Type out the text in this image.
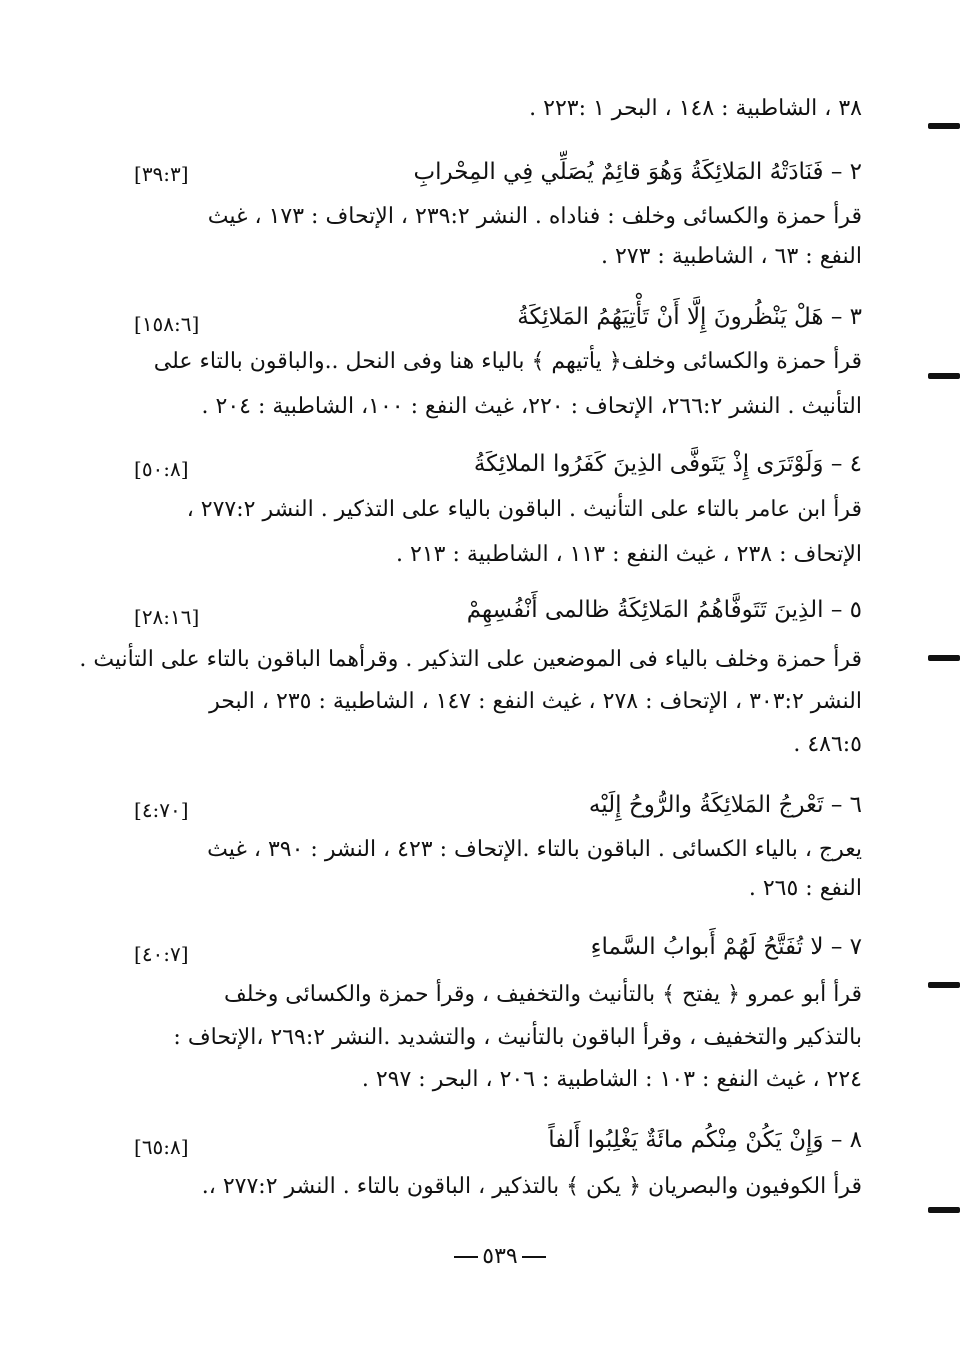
٣٨ ، الشاطبية : ١٤٨ ، البحر ١ :٢٢٣ .
٢ – فَنَادَتْهُ المَلائِكَةُ وَهُوَ قائِمٌ يُصَلِّي فِي المِحْرابِ
[٣٩:٣]
قرأ حمزة والكسائى وخلف : فناداه . النشر ٢٣٩:٢ ، الإتحاف : ١٧٣ ، غيث
النفع : ٦٣ ، الشاطبية : ٢٧٣ .
٣ – هَلْ يَنْظُرونَ إِلَّا أَنْ تَأْتِيَهُمُ المَلائِكَةُ
[١٥٨:٦]
قرأ حمزة والكسائى وخلف﴿ يأتيهم ﴾ بالياء هنا وفى النحل ..والباقون بالتاء على
التأنيث . النشر ٢٦٦:٢، الإتحاف : ٢٢٠، غيث النفع : ١٠٠، الشاطبية : ٢٠٤ .
٤ – وَلَوْتَرَى إِذْ يَتَوفَّى الذِينَ كَفَرُوا الملائِكَةُ
[٥٠:٨]
قرأ ابن عامر بالتاء على التأنيث . الباقون بالياء على التذكير . النشر ٢٧٧:٢ ،
الإتحاف : ٢٣٨ ، غيث النفع : ١١٣ ، الشاطبية : ٢١٣ .
٥ – الذِينَ تَتَوفَّاهُمُ المَلائِكَةُ ظالمى أَنْفُسِهِمْ
[٢٨:١٦]
قرأ حمزة وخلف بالياء فى الموضعين على التذكير . وقرأهما الباقون بالتاء على التأنيث .
النشر ٣٠٣:٢ ، الإتحاف : ٢٧٨ ، غيث النفع : ١٤٧ ، الشاطبية : ٢٣٥ ، البحر
٤٨٦:٥ .
٦ – تَعْرجُ المَلائِكَةُ والرُّوحُ إِلَيْه
[٤:٧٠]
يعرج ، بالياء الكسائى . الباقون بالتاء .الإتحاف : ٤٢٣ ، النشر : ٣٩٠ ، غيث
النفع : ٢٦٥ .
٧ – لا تُفَتَّحُ لَهُمْ أَبوابُ السَّماءِ
[٤٠:٧]
قرأ أبو عمرو ﴿ يفتح ﴾ بالتأنيث والتخفيف ، وقرأ حمزة والكسائى وخلف
بالتذكير والتخفيف ، وقرأ الباقون بالتأنيث ، والتشديد .النشر ٢٦٩:٢ ،الإتحاف :
٢٢٤ ، غيث النفع : ١٠٣ : الشاطبية : ٢٠٦ ، البحر : ٢٩٧ .
٨ – وَإِنْ يَكُنْ مِنْكُم مائَةٌ يَغْلِبُوا أَلفاً
[٦٥:٨]
قرأ الكوفيون والبصريان ﴿ يكن ﴾ بالتذكير ، الباقون بالتاء . النشر ٢٧٧:٢ ،.
٥٣٩
